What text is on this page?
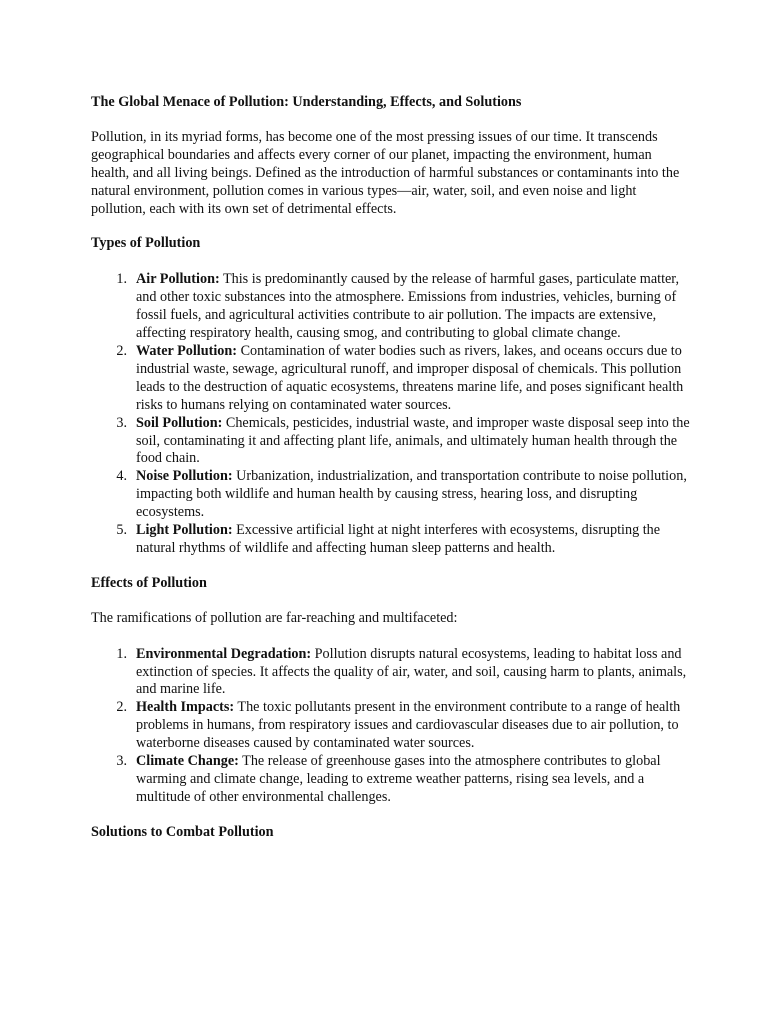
The Global Menace of Pollution: Understanding, Effects, and Solutions

Pollution, in its myriad forms, has become one of the most pressing issues of our time. It transcends geographical boundaries and affects every corner of our planet, impacting the environment, human health, and all living beings. Defined as the introduction of harmful substances or contaminants into the natural environment, pollution comes in various types—air, water, soil, and even noise and light pollution, each with its own set of detrimental effects.

Types of Pollution
1. Air Pollution: This is predominantly caused by the release of harmful gases, particulate matter, and other toxic substances into the atmosphere. Emissions from industries, vehicles, burning of fossil fuels, and agricultural activities contribute to air pollution. The impacts are extensive, affecting respiratory health, causing smog, and contributing to global climate change.
2. Water Pollution: Contamination of water bodies such as rivers, lakes, and oceans occurs due to industrial waste, sewage, agricultural runoff, and improper disposal of chemicals. This pollution leads to the destruction of aquatic ecosystems, threatens marine life, and poses significant health risks to humans relying on contaminated water sources.
3. Soil Pollution: Chemicals, pesticides, industrial waste, and improper waste disposal seep into the soil, contaminating it and affecting plant life, animals, and ultimately human health through the food chain.
4. Noise Pollution: Urbanization, industrialization, and transportation contribute to noise pollution, impacting both wildlife and human health by causing stress, hearing loss, and disrupting ecosystems.
5. Light Pollution: Excessive artificial light at night interferes with ecosystems, disrupting the natural rhythms of wildlife and affecting human sleep patterns and health.
Effects of Pollution

The ramifications of pollution are far-reaching and multifaceted:

1. Environmental Degradation: Pollution disrupts natural ecosystems, leading to habitat loss and extinction of species. It affects the quality of air, water, and soil, causing harm to plants, animals, and marine life.
2. Health Impacts: The toxic pollutants present in the environment contribute to a range of health problems in humans, from respiratory issues and cardiovascular diseases due to air pollution, to waterborne diseases caused by contaminated water sources.
3. Climate Change: The release of greenhouse gases into the atmosphere contributes to global warming and climate change, leading to extreme weather patterns, rising sea levels, and a multitude of other environmental challenges.
Solutions to Combat Pollution
